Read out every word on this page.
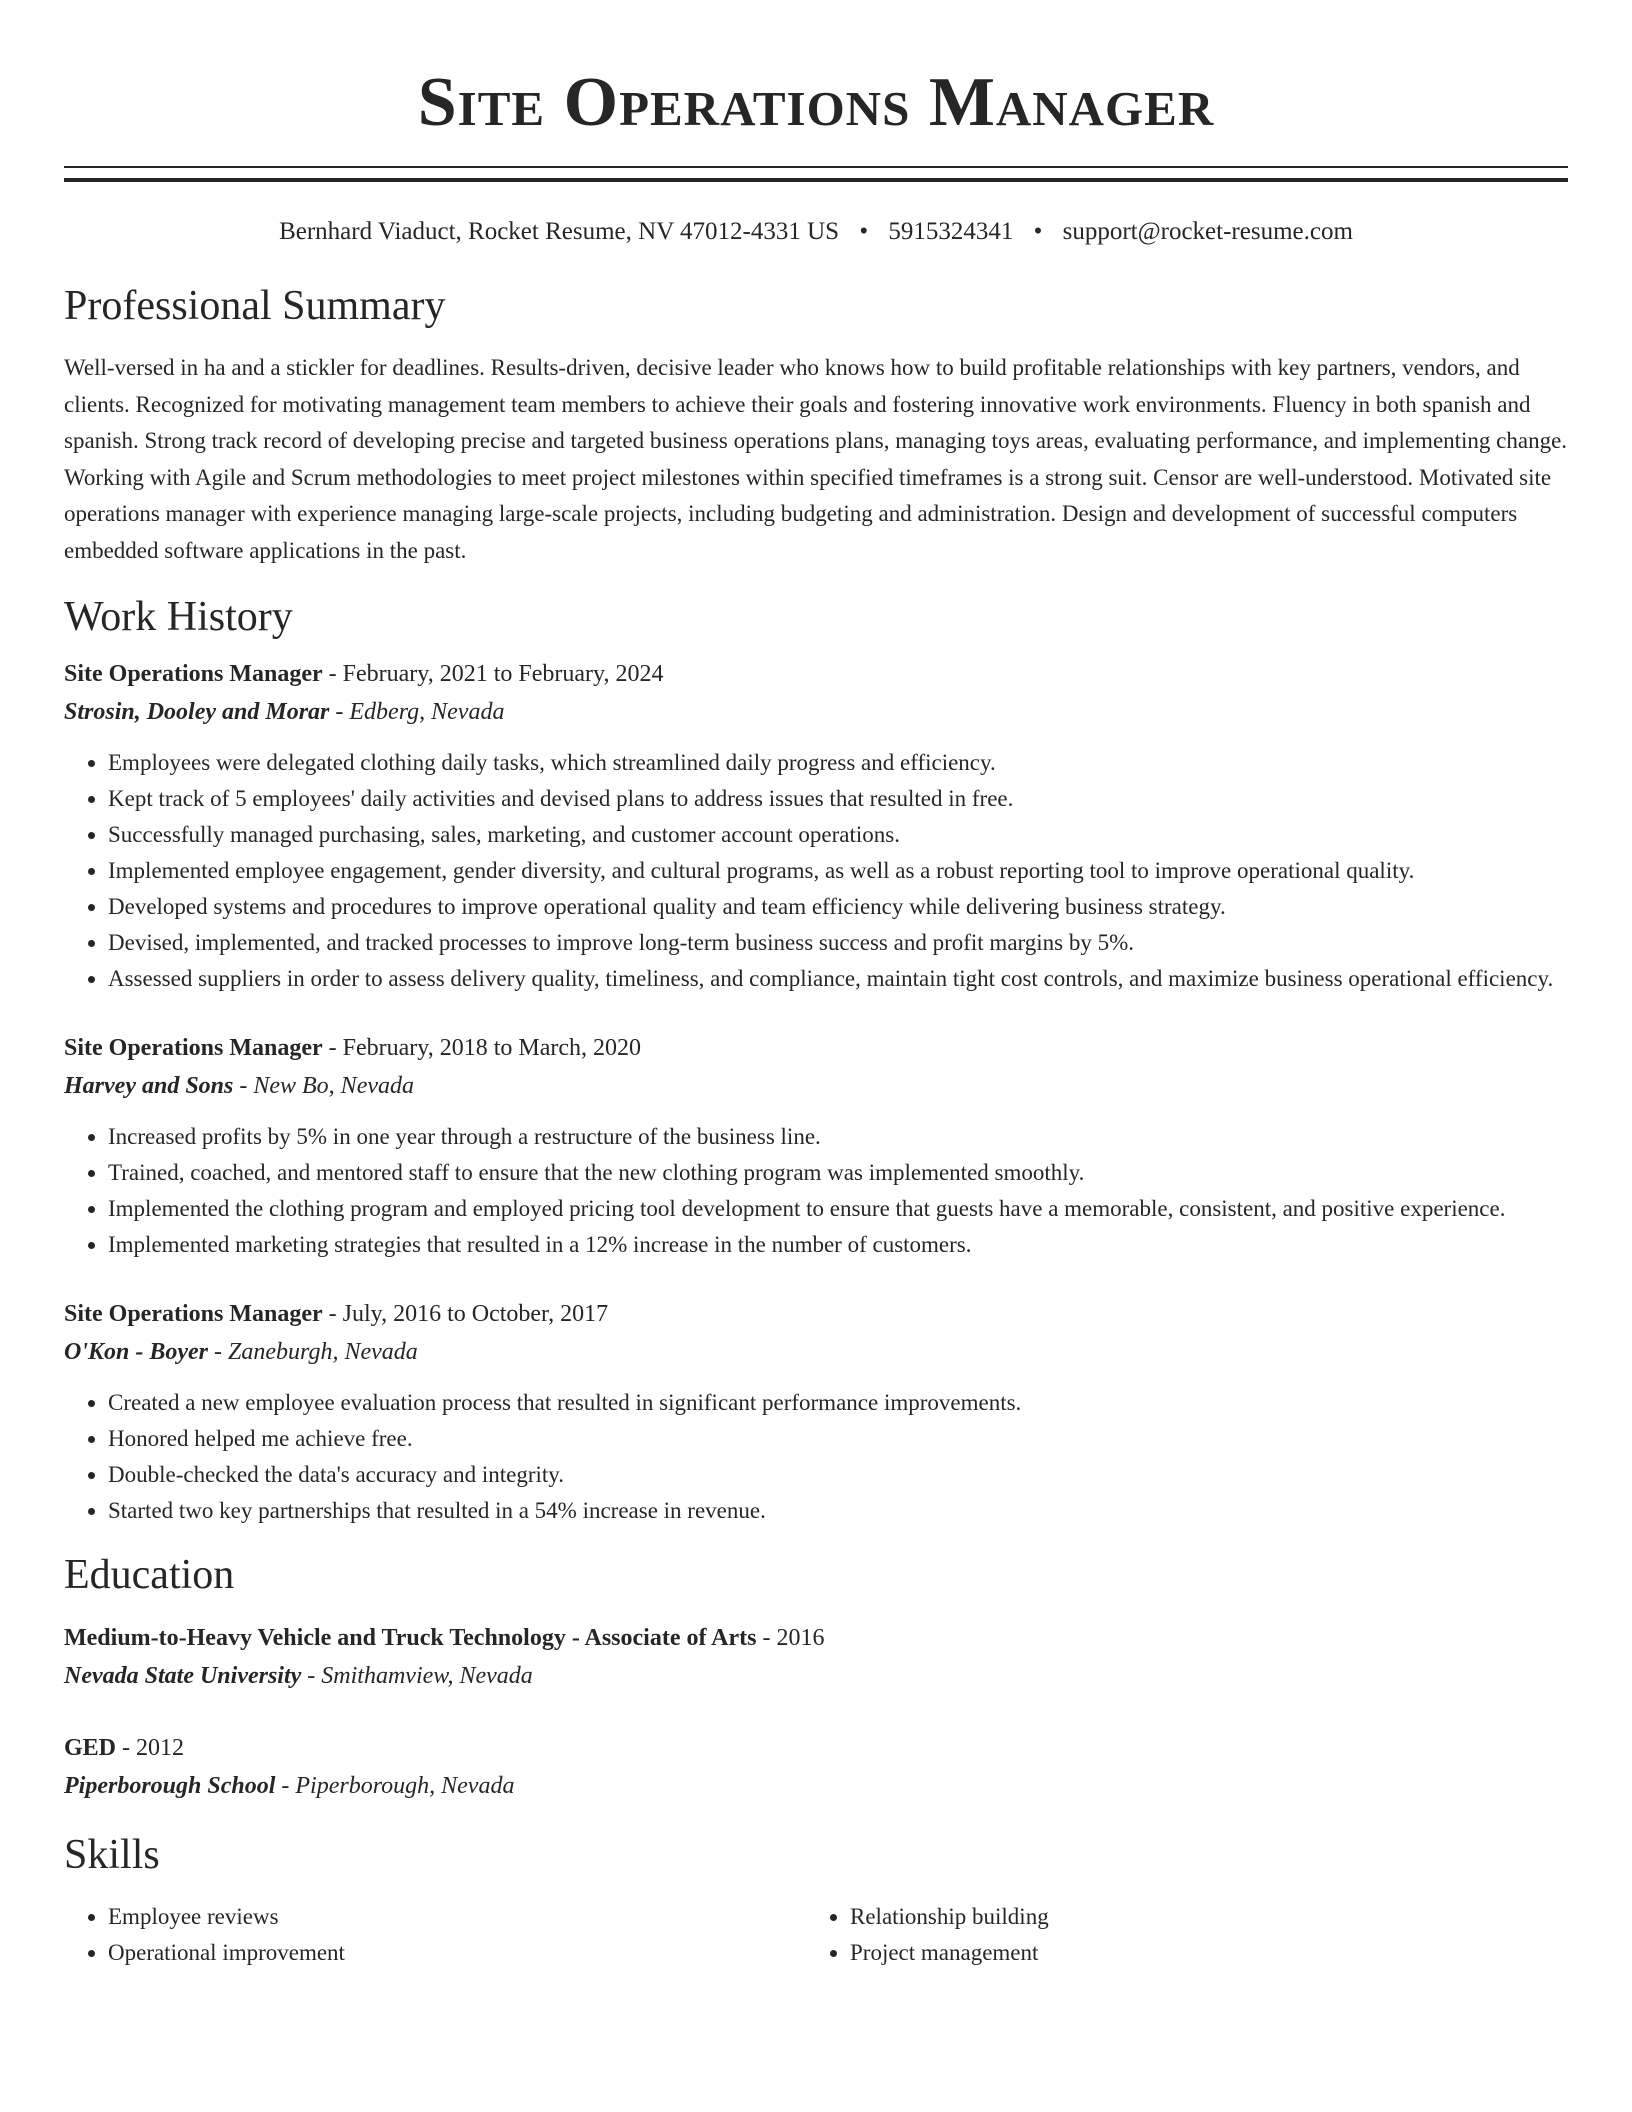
Site Operations Manager
Bernhard Viaduct, Rocket Resume, NV 47012-4331 US • 5915324341 • support@rocket-resume.com
Professional Summary

Well-versed in ha and a stickler for deadlines. Results-driven, decisive leader who knows how to build profitable relationships with key partners, vendors, and clients. Recognized for motivating management team members to achieve their goals and fostering innovative work environments. Fluency in both spanish and spanish. Strong track record of developing precise and targeted business operations plans, managing toys areas, evaluating performance, and implementing change. Working with Agile and Scrum methodologies to meet project milestones within specified timeframes is a strong suit. Censor are well-understood. Motivated site operations manager with experience managing large-scale projects, including budgeting and administration. Design and development of successful computers embedded software applications in the past.

Work History

Site Operations Manager - February, 2021 to February, 2024

Strosin, Dooley and Morar - Edberg, Nevada

• Employees were delegated clothing daily tasks, which streamlined daily progress and efficiency.
• Kept track of 5 employees' daily activities and devised plans to address issues that resulted in free.
• Successfully managed purchasing, sales, marketing, and customer account operations.
• Implemented employee engagement, gender diversity, and cultural programs, as well as a robust reporting tool to improve operational quality.
• Developed systems and procedures to improve operational quality and team efficiency while delivering business strategy.
• Devised, implemented, and tracked processes to improve long-term business success and profit margins by 5%.
• Assessed suppliers in order to assess delivery quality, timeliness, and compliance, maintain tight cost controls, and maximize business operational efficiency.

Site Operations Manager - February, 2018 to March, 2020

Harvey and Sons - New Bo, Nevada

• Increased profits by 5% in one year through a restructure of the business line.
• Trained, coached, and mentored staff to ensure that the new clothing program was implemented smoothly.
• Implemented the clothing program and employed pricing tool development to ensure that guests have a memorable, consistent, and positive experience.
• Implemented marketing strategies that resulted in a 12% increase in the number of customers.

Site Operations Manager - July, 2016 to October, 2017

O'Kon - Boyer - Zaneburgh, Nevada

• Created a new employee evaluation process that resulted in significant performance improvements.
• Honored helped me achieve free.
• Double-checked the data's accuracy and integrity.
• Started two key partnerships that resulted in a 54% increase in revenue.
Education

Medium-to-Heavy Vehicle and Truck Technology - Associate of Arts - 2016

Nevada State University - Smithamview, Nevada

GED - 2012

Piperborough School - Piperborough, Nevada

Skills
• Employee reviews
• Operational improvement
• Relationship building
• Project management
